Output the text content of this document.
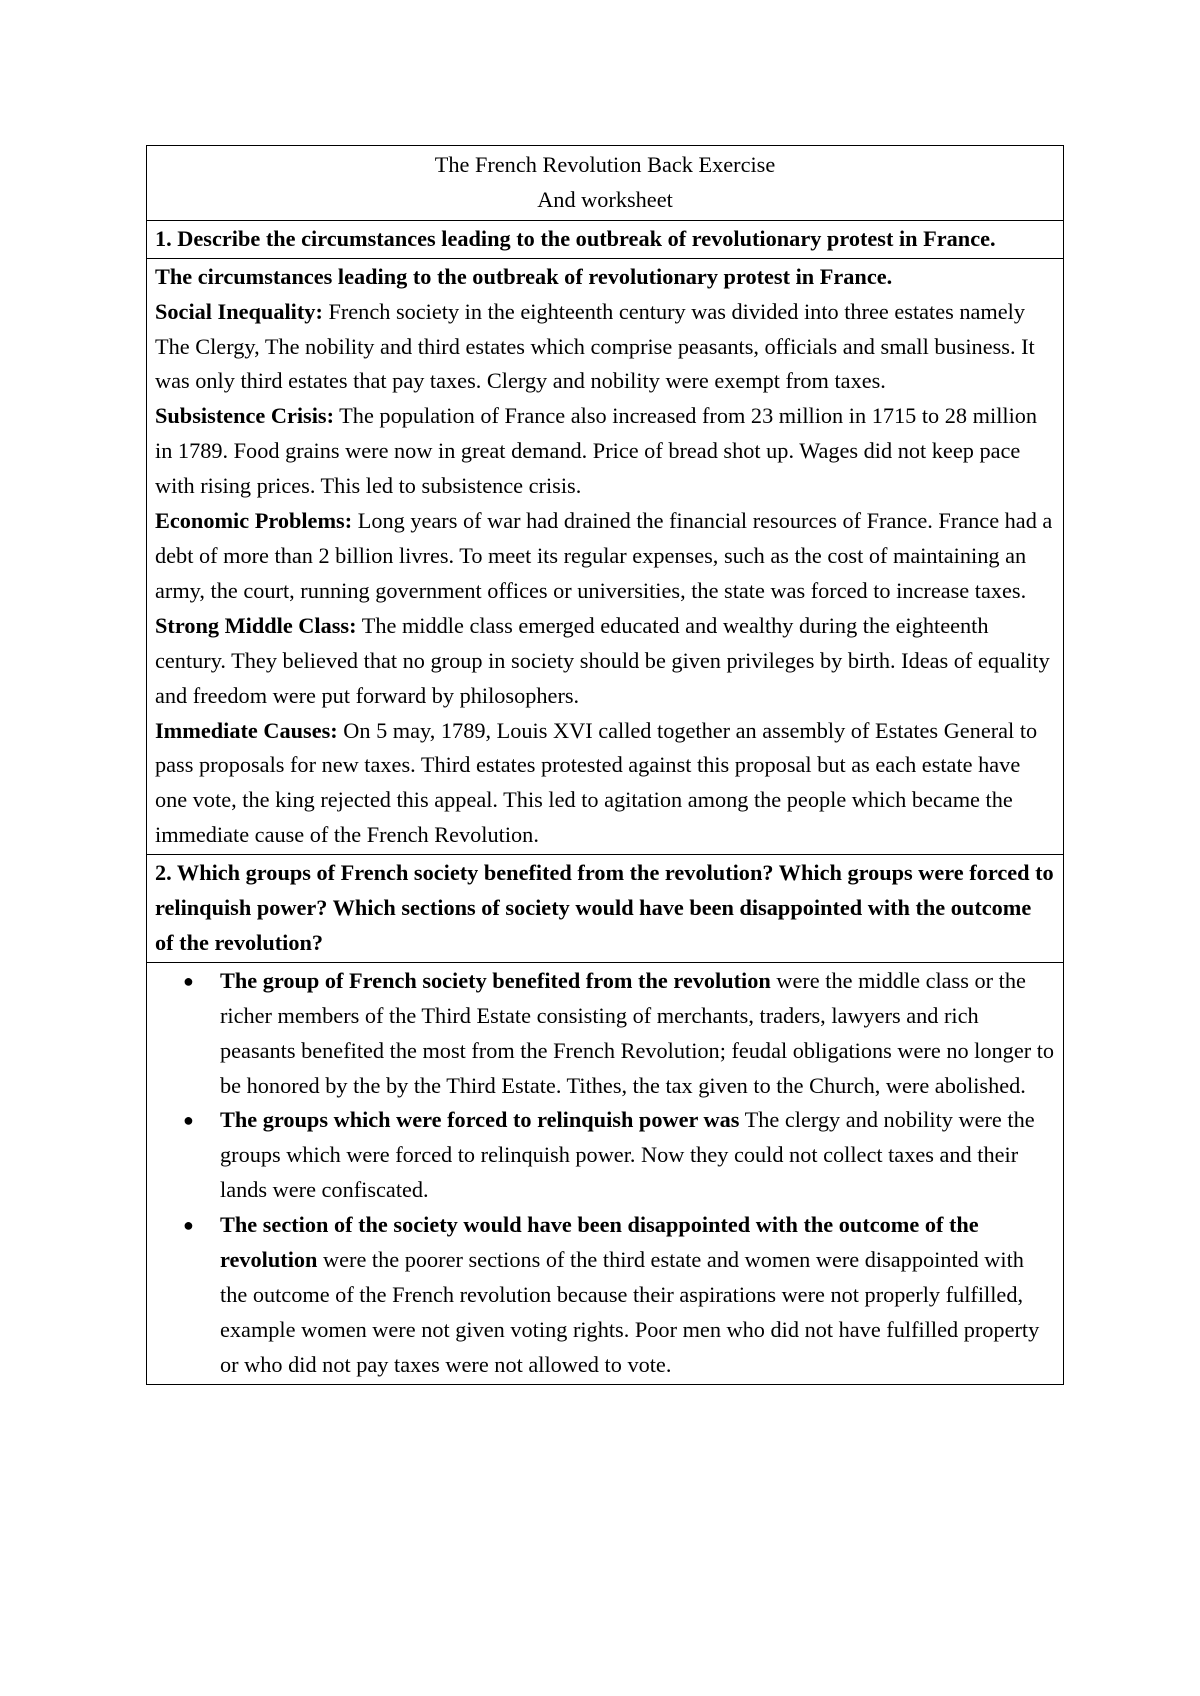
The French Revolution Back Exercise
And worksheet

1. Describe the circumstances leading to the outbreak of revolutionary protest in France.

The circumstances leading to the outbreak of revolutionary protest in France.
Social Inequality: French society in the eighteenth century was divided into three estates namely The Clergy, The nobility and third estates which comprise peasants, officials and small business. It was only third estates that pay taxes. Clergy and nobility were exempt from taxes.
Subsistence Crisis: The population of France also increased from 23 million in 1715 to 28 million in 1789. Food grains were now in great demand. Price of bread shot up. Wages did not keep pace with rising prices. This led to subsistence crisis.
Economic Problems: Long years of war had drained the financial resources of France. France had a debt of more than 2 billion livres. To meet its regular expenses, such as the cost of maintaining an army, the court, running government offices or universities, the state was forced to increase taxes.
Strong Middle Class: The middle class emerged educated and wealthy during the eighteenth century. They believed that no group in society should be given privileges by birth. Ideas of equality and freedom were put forward by philosophers.
Immediate Causes: On 5 may, 1789, Louis XVI called together an assembly of Estates General to pass proposals for new taxes. Third estates protested against this proposal but as each estate have one vote, the king rejected this appeal. This led to agitation among the people which became the immediate cause of the French Revolution.

2. Which groups of French society benefited from the revolution? Which groups were forced to relinquish power? Which sections of society would have been disappointed with the outcome of the revolution?

● The group of French society benefited from the revolution were the middle class or the richer members of the Third Estate consisting of merchants, traders, lawyers and rich peasants benefited the most from the French Revolution; feudal obligations were no longer to be honored by the by the Third Estate. Tithes, the tax given to the Church, were abolished.
● The groups which were forced to relinquish power was The clergy and nobility were the groups which were forced to relinquish power. Now they could not collect taxes and their lands were confiscated.
● The section of the society would have been disappointed with the outcome of the revolution were the poorer sections of the third estate and women were disappointed with the outcome of the French revolution because their aspirations were not properly fulfilled, example women were not given voting rights. Poor men who did not have fulfilled property or who did not pay taxes were not allowed to vote.
